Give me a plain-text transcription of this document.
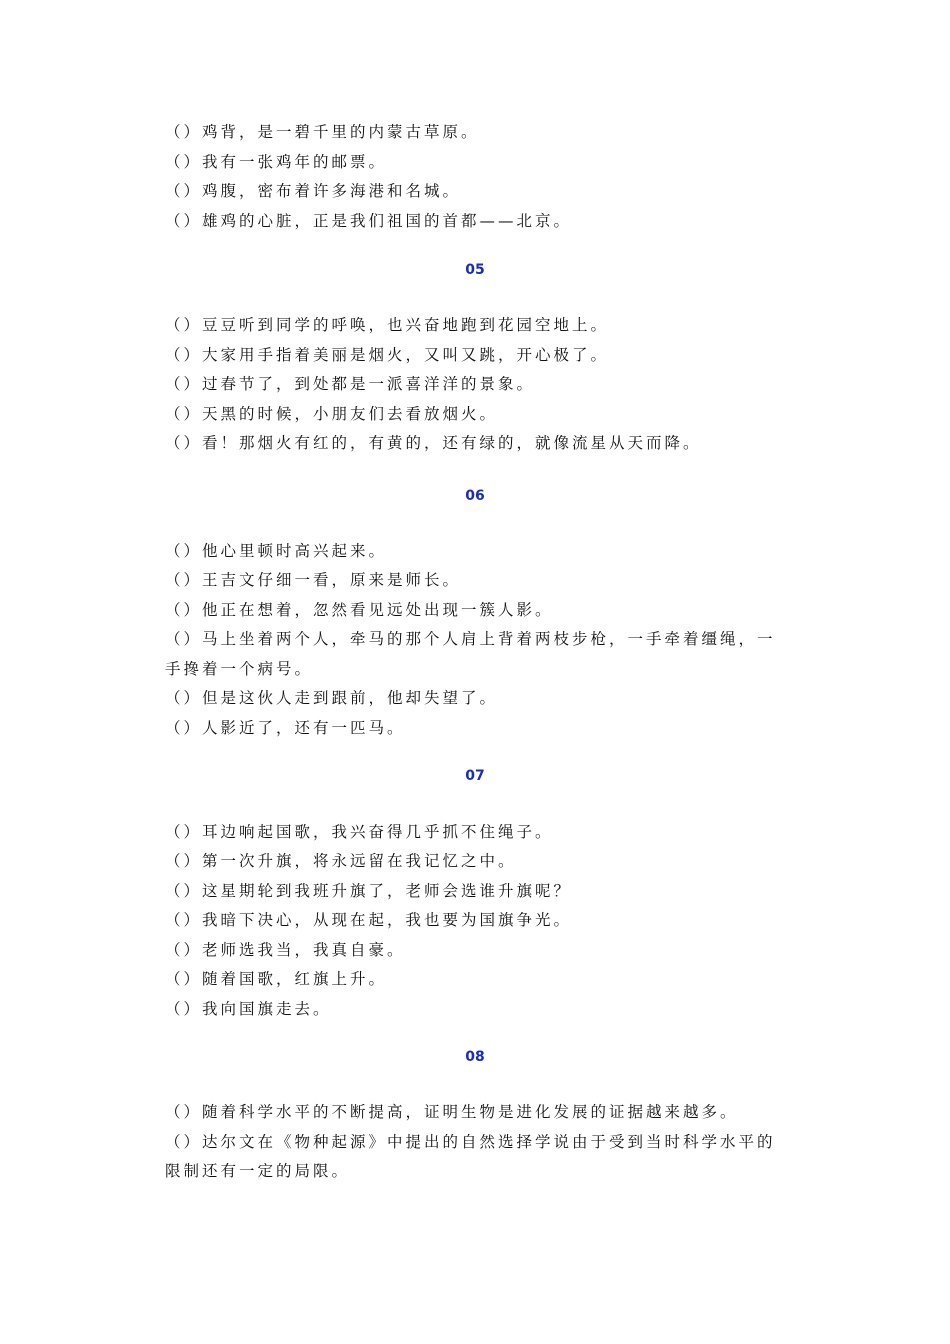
（）鸡背，是一碧千里的内蒙古草原。
（）我有一张鸡年的邮票。
（）鸡腹，密布着许多海港和名城。
（）雄鸡的心脏，正是我们祖国的首都——北京。
05
（）豆豆听到同学的呼唤，也兴奋地跑到花园空地上。
（）大家用手指着美丽是烟火，又叫又跳，开心极了。
（）过春节了，到处都是一派喜洋洋的景象。
（）天黑的时候，小朋友们去看放烟火。
（）看！那烟火有红的，有黄的，还有绿的，就像流星从天而降。
06
（）他心里顿时高兴起来。
（）王吉文仔细一看，原来是师长。
（）他正在想着，忽然看见远处出现一簇人影。
（）马上坐着两个人，牵马的那个人肩上背着两枝步枪，一手牵着缰绳，一
手搀着一个病号。
（）但是这伙人走到跟前，他却失望了。
（）人影近了，还有一匹马。
07
（）耳边响起国歌，我兴奋得几乎抓不住绳子。
（）第一次升旗，将永远留在我记忆之中。
（）这星期轮到我班升旗了，老师会选谁升旗呢？
（）我暗下决心，从现在起，我也要为国旗争光。
（）老师选我当，我真自豪。
（）随着国歌，红旗上升。
（）我向国旗走去。
08
（）随着科学水平的不断提高，证明生物是进化发展的证据越来越多。
（）达尔文在《物种起源》中提出的自然选择学说由于受到当时科学水平的
限制还有一定的局限。
